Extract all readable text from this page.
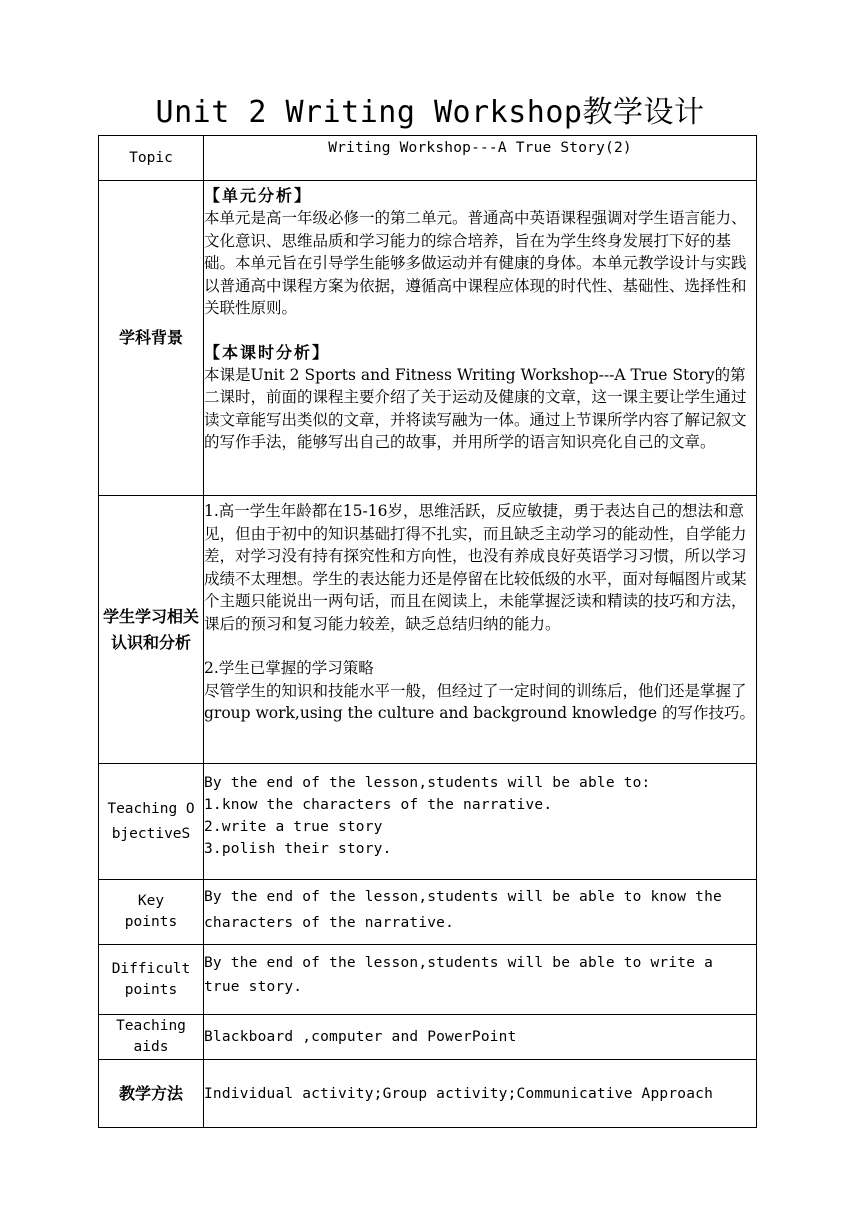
Unit 2 Writing Workshop教学设计
Topic	Writing Workshop---A True Story(2)

学科背景	【单元分析】
本单元是高一年级必修一的第二单元。普通高中英语课程强调对学生语言能力、文化意识、思维品质和学习能力的综合培养，旨在为学生终身发展打下好的基础。本单元旨在引导学生能够多做运动并有健康的身体。本单元教学设计与实践以普通高中课程方案为依据，遵循高中课程应体现的时代性、基础性、选择性和关联性原则。
【本课时分析】
本课是Unit 2 Sports and Fitness Writing Workshop---A True Story的第二课时，前面的课程主要介绍了关于运动及健康的文章，这一课主要让学生通过读文章能写出类似的文章，并将读写融为一体。通过上节课所学内容了解记叙文的写作手法，能够写出自己的故事，并用所学的语言知识亮化自己的文章。

学生学习相关认识和分析	1.高一学生年龄都在15-16岁，思维活跃，反应敏捷，勇于表达自己的想法和意见，但由于初中的知识基础打得不扎实，而且缺乏主动学习的能动性，自学能力差，对学习没有持有探究性和方向性，也没有养成良好英语学习习惯，所以学习成绩不太理想。学生的表达能力还是停留在比较低级的水平，面对每幅图片或某个主题只能说出一两句话，而且在阅读上，未能掌握泛读和精读的技巧和方法，课后的预习和复习能力较差，缺乏总结归纳的能力。
2.学生已掌握的学习策略
尽管学生的知识和技能水平一般，但经过了一定时间的训练后，他们还是掌握了group work,using the culture and background knowledge 的写作技巧。

Teaching ObjectiveS	By the end of the lesson,students will be able to:
1.know the characters of the narrative.
2.write a true story
3.polish their story.

Key points	By the end of the lesson,students will be able to know the characters of the narrative.

Difficult points	By the end of the lesson,students will be able to write a true story.

Teaching aids	Blackboard ,computer and PowerPoint

教学方法	Individual activity;Group activity;Communicative Approach
